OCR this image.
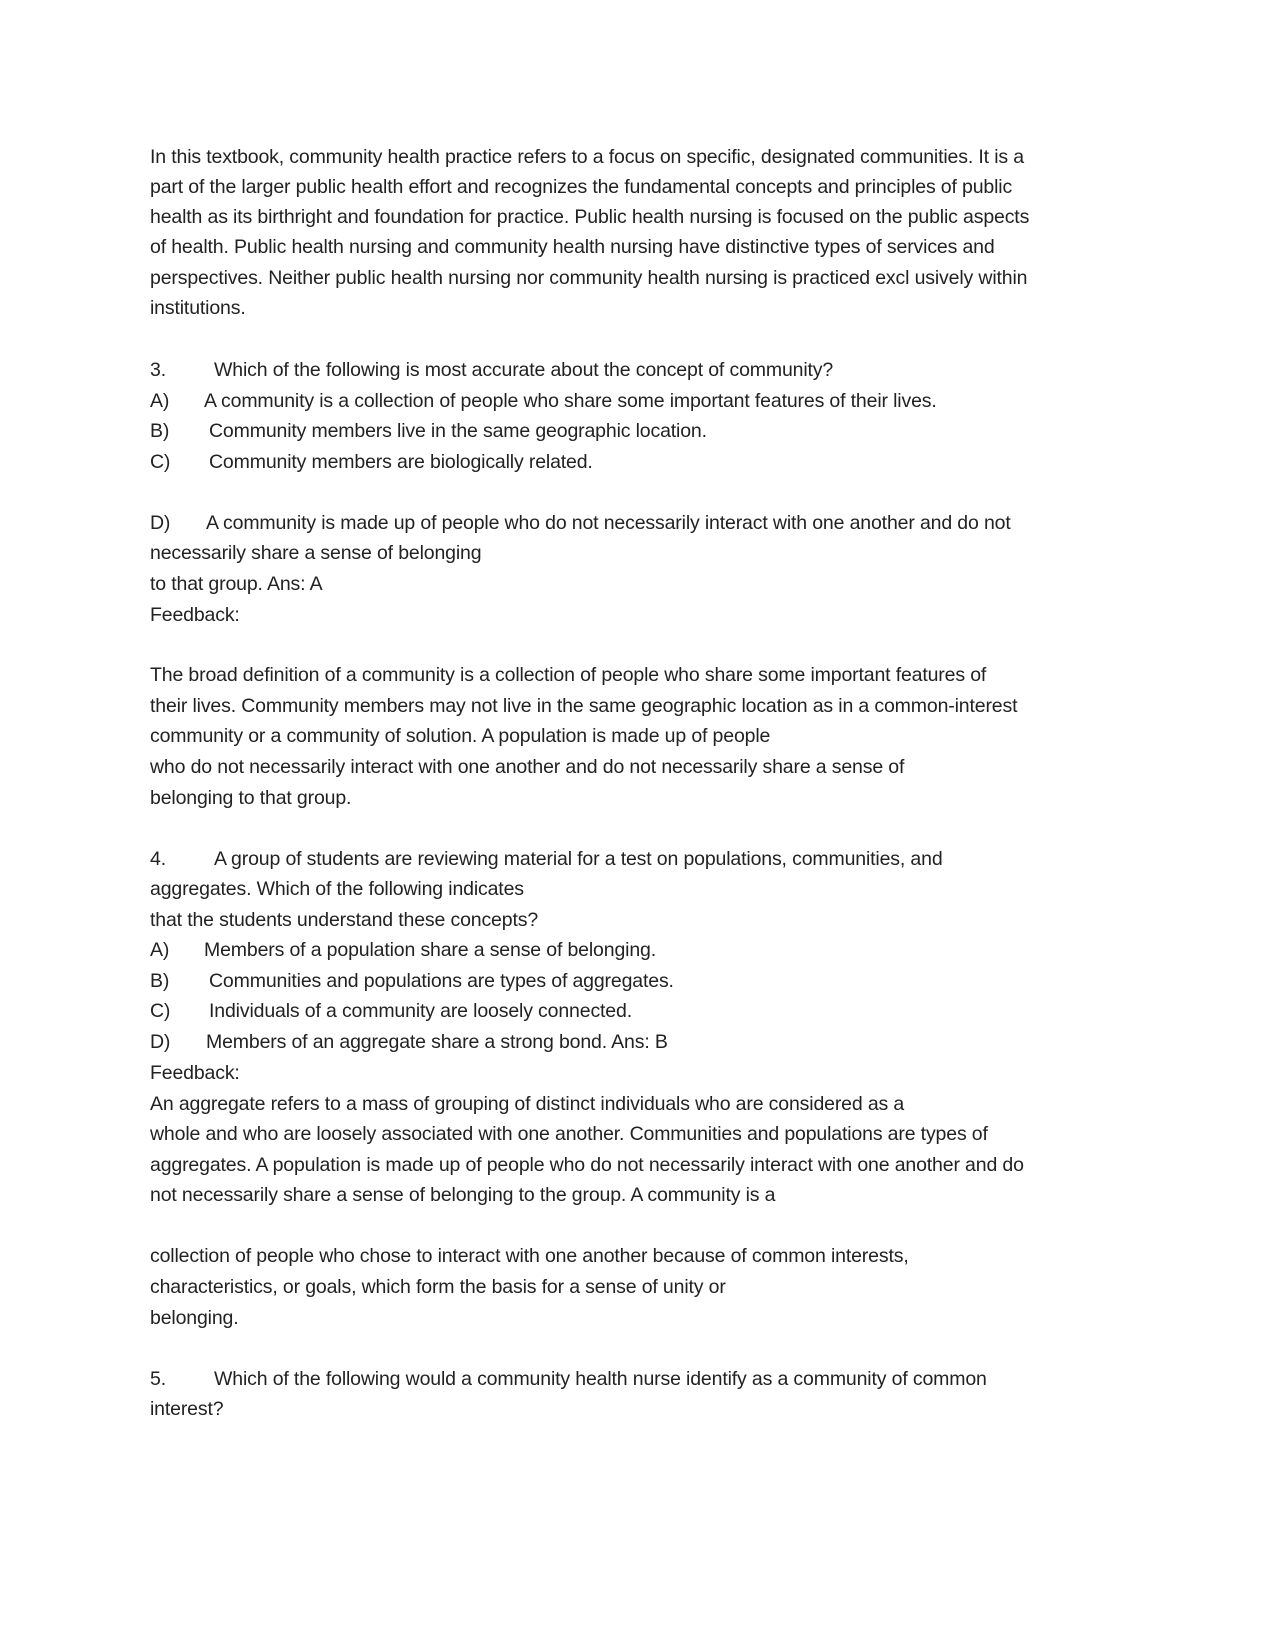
In this textbook, community health practice refers to a focus on specific, designated communities. It is a
part of the larger public health effort and recognizes the fundamental concepts and principles of public
health as its birthright and foundation for practice. Public health nursing is focused on the public aspects
of health. Public health nursing and community health nursing have distinctive types of services and
perspectives. Neither public health nursing nor community health nursing is practiced excl usively within
institutions.
3. Which of the following is most accurate about the concept of community?
A) A community is a collection of people who share some important features of their lives.
B) Community members live in the same geographic location.
C) Community members are biologically related.
D) A community is made up of people who do not necessarily interact with one another and do not
necessarily share a sense of belonging
to that group. Ans: A
Feedback:
The broad definition of a community is a collection of people who share some important features of
their lives. Community members may not live in the same geographic location as in a common-interest
community or a community of solution. A population is made up of people
who do not necessarily interact with one another and do not necessarily share a sense of
belonging to that group.
4. A group of students are reviewing material for a test on populations, communities, and
aggregates. Which of the following indicates
that the students understand these concepts?
A) Members of a population share a sense of belonging.
B) Communities and populations are types of aggregates.
C) Individuals of a community are loosely connected.
D) Members of an aggregate share a strong bond. Ans: B
Feedback:
An aggregate refers to a mass of grouping of distinct individuals who are considered as a
whole and who are loosely associated with one another. Communities and populations are types of
aggregates. A population is made up of people who do not necessarily interact with one another and do
not necessarily share a sense of belonging to the group. A community is a
collection of people who chose to interact with one another because of common interests,
characteristics, or goals, which form the basis for a sense of unity or
belonging.
5. Which of the following would a community health nurse identify as a community of common
interest?
